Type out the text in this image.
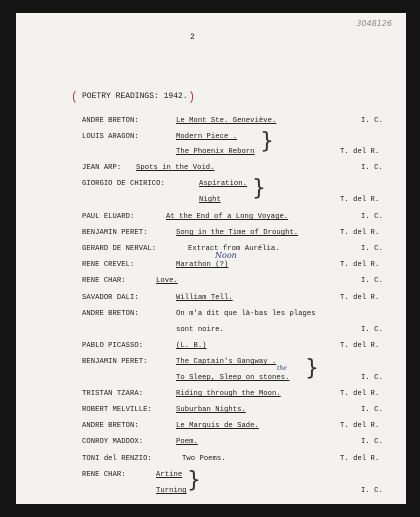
3048126
2
POETRY READINGS: 1942.
ANDRE BRETON:	Le Mont Ste. Geneviève.	I. C.
LOUIS ARAGON:	Modern Piece .
The Phoenix Reborn	T. del R.
JEAN ARP: Spots in the Void.	I. C.
GIORGIO DE CHIRICO:	Aspiration.
Night	T. del R.
PAUL ELUARD:	At the End of a Long Voyage.	I. C.
BENJAMIN PERET:	Song in the Time of Drought.	T. del R.
GERARD DE NERVAL:	Extract from Aurélia.	I. C.
RENE CREVEL:	Marathon (?)	T. del R.
RENE CHAR:	Love.	I. C.
SAVADOR DALI:	William Tell.	T. del R.
ANDRE BRETON:	On m'a dit que là-bas les plages
sont noire.	I. C.
PABLO PICASSO:	(L. B.)	T. del R.
BENJAMIN PERET:	The Captain's Gangway .
To Sleep, Sleep on stones.	I. C.
TRISTAN TZARA:	Riding through the Moon.	T. del R.
ROBERT MELVILLE:	Suburban Nights.	I. C.
ANDRE BRETON:	Le Marquis de Sade.	T. del R.
CONROY MADDOX:	Poem.	I. C.
TONI del RENZIO:	Two Poems.	T. del R.
RENE CHAR:	Artine
Turning	I. C.
}
}
}
}
Noon
the
